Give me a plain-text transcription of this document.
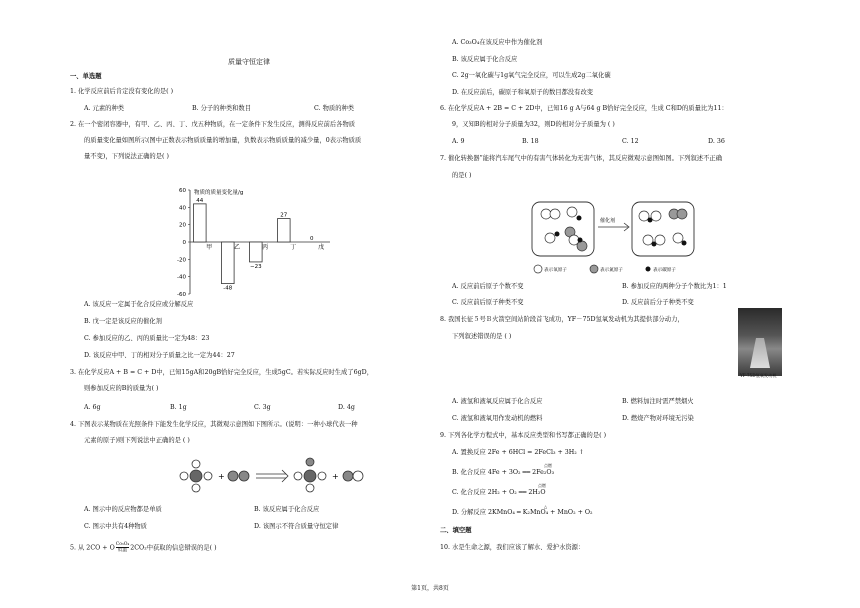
质量守恒定律
一、单选题
1. 化学反应前后肯定没有变化的是( )
A. 元素的种类	B. 分子的种类和数目	C. 物质的种类
2. 在一个密闭容器中，有甲、乙、丙、丁、戊五种物质，在一定条件下发生反应，测得反应前后各物质
的质量变化量如图所示(图中正数表示物质质量的增加量，负数表示物质质量的减少量，0表示物质质
量不变)，下列说法正确的是( )
60
40
20
0
-20
-40
-60
物质的质量变化量/g
44
甲
-48
乙
−23
丙
27
丁
0
戊
A. 该反应一定属于化合反应或分解反应
B. 戊一定是该反应的催化剂
C. 参加反应的乙、丙的质量比一定为48：23
D. 该反应中甲、丁的相对分子质量之比一定为44：27
3. 在化学反应A + B = C + D中，已知15gA和20gB恰好完全反应，生成5gC。若实际反应时生成了6gD，
则参加反应的B的质量为( )
A. 6g	B. 1g	C. 3g	D. 4g
4. 下图表示某物质在光照条件下能发生化学反应，其微观示意图如下图所示。(说明：一种小球代表一种
元素的原子)则下列说法中正确的是 ( )
+	+
A. 图示中的反应物都是单质	B. 该反应属于化合反应
C. 图示中共有4种物质	D. 该图示不符合质量守恒定律
5. 从 2CO + O Co₃O₄
低温 2CO₂中获取的信息错误的是( )
A. Co₃O₄在该反应中作为催化剂
B. 该反应属于化合反应
C. 2g一氧化碳与1g氧气完全反应，可以生成2g二氧化碳
D. 在反应前后，碳原子和氧原子的数目都没有改变
6. 在化学反应A + 2B = C + 2D中，已知16 g A与64 g B恰好完全反应，生成 C和D的质量比为11：
9，又知B的相对分子质量为32，则D的相对分子质量为 ( )
A. 9	B. 18	C. 12	D. 36
7. 催化转换器”能将汽车尾气中的有害气体转化为无害气体，其反应微观示意图如图。下列叙述不正确
的是( )
催化剂
表示氧原子	表示氮原子	表示碳原子
A. 反应前后原子个数不变	B. 参加反应的两种分子个数比为1：1
C. 反应前后原子种类不变	D. 反应前后分子种类不变
8. 我国长征５号Ｂ火箭空间站阶段首飞成功，YF－75D氢氧发动机为其提供部分动力，
下列叙述错误的是 ( )
YF-75D氢氧发动机
A. 液氢和液氧反应属于化合反应	B. 燃料加注时需严禁烟火
C. 液氢和液氧用作发动机的燃料	D. 燃烧产物对环境无污染
9. 下列各化学方程式中，基本反应类型和书写都正确的是( )
A. 置换反应 2Fe + 6HCl = 2FeCl₃ + 3H₂ ↑
B. 化合反应 4Fe + 3O₂ ══ 2Fe₂O₃
C. 化合反应 2H₂ + O₂ ══ 2H₂O
D. 分解反应 2KMnO₄ ═ K₂MnO₄ + MnO₂ + O₂
点燃
点燃
△
二、填空题
10. 水是生命之源，我们应该了解水、爱护水资源：
第1页，共8页
